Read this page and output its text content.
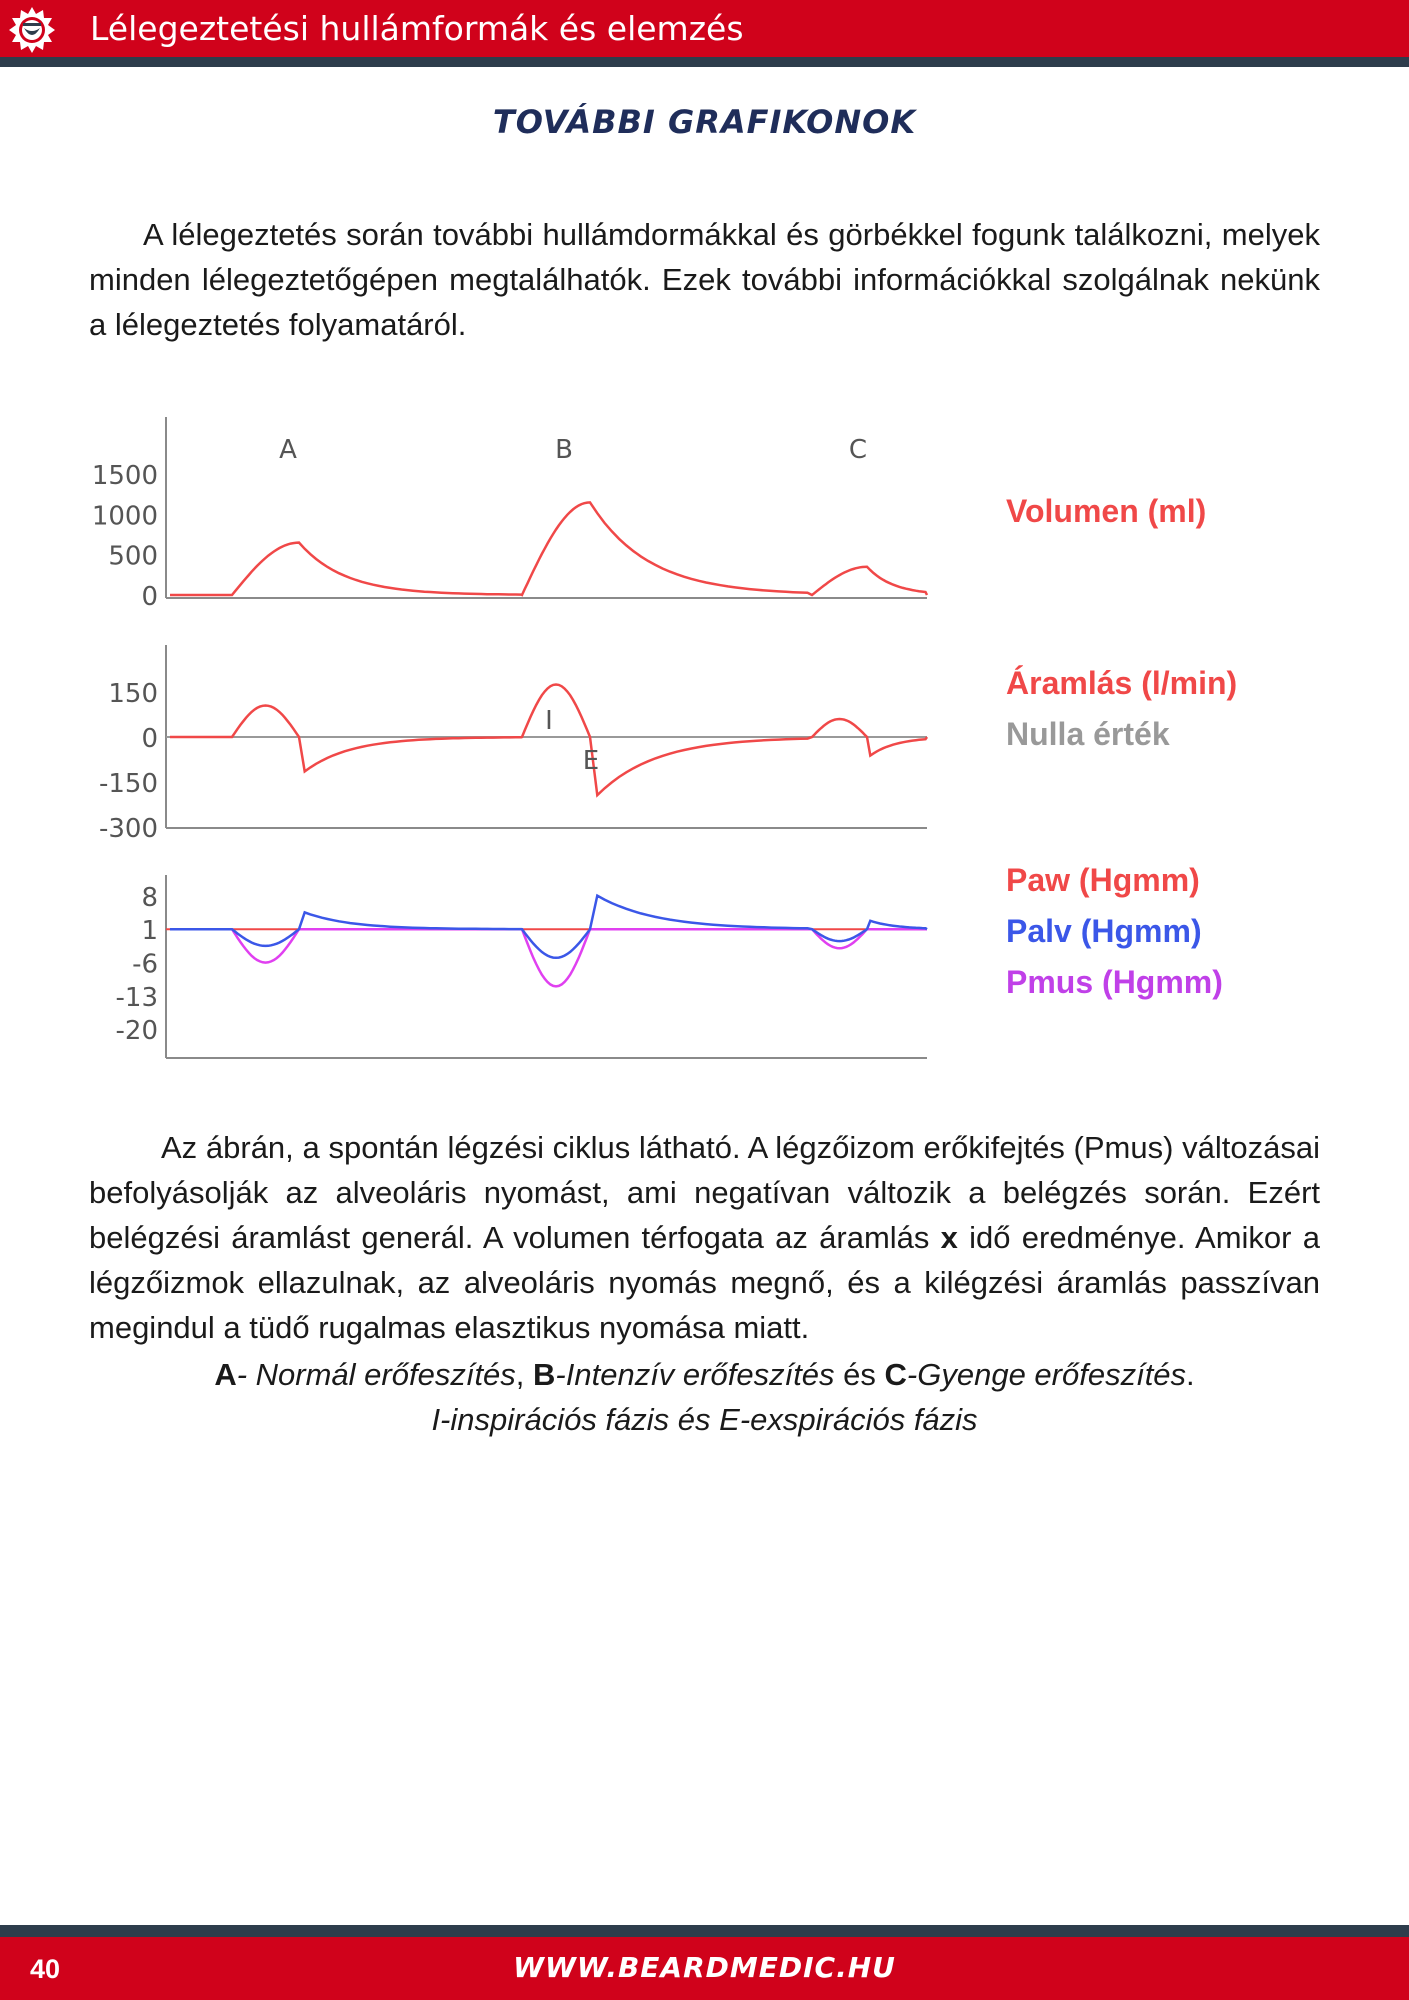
Lélegeztetési hullámformák és elemzés
TOVÁBBI GRAFIKONOK
A lélegeztetés során további hullámdormákkal és görbékkel fogunk találkozni, melyek minden lélegeztetőgépen megtalálhatók. Ezek további információkkal szolgálnak nekünk a lélegeztetés folyamatáról.
1500
1000
500
0
A	B	C
150
0
-150
-300
I
E
8
1
-6
-13
-20
Volumen (ml)
Áramlás (l/min)
Nulla érték
Paw (Hgmm)
Palv (Hgmm)
Pmus (Hgmm)
Az ábrán, a spontán légzési ciklus látható. A légzőizom erőkifejtés (Pmus) változásai befolyásolják az alveoláris nyomást, ami negatívan változik a belégzés során. Ezért belégzési áramlást generál. A volumen térfogata az áramlás x idő eredménye. Amikor a légzőizmok ellazulnak, az alveoláris nyomás megnő, és a kilégzési áramlás passzívan megindul a tüdő rugalmas elasztikus nyomása miatt.
A- Normál erőfeszítés, B-Intenzív erőfeszítés és C-Gyenge erőfeszítés.
I-inspirációs fázis és E-exspirációs fázis
40	WWW.BEARDMEDIC.HU
